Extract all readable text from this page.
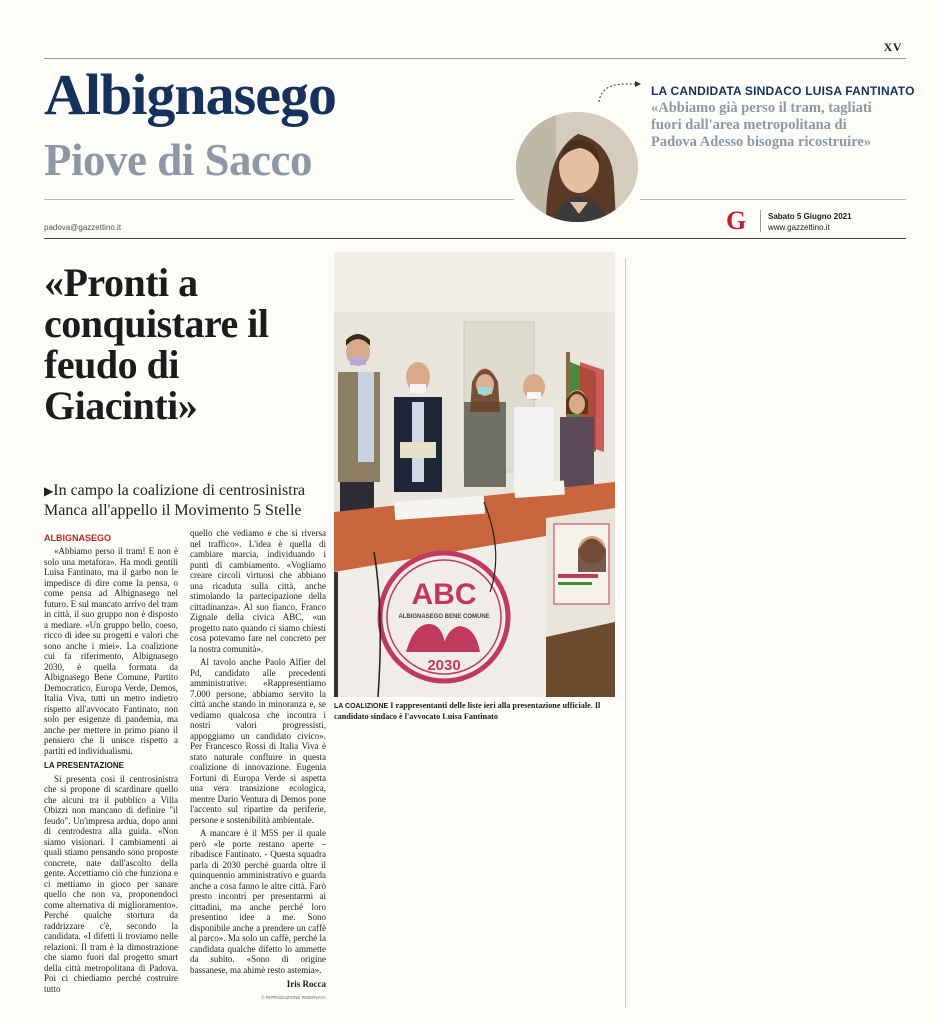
XV
Albignasego
Piove di Sacco
LA CANDIDATA SINDACO LUISA FANTINATO
«Abbiamo già perso il tram, tagliati fuori dall'area metropolitana di Padova Adesso bisogna ricostruire»
G	Sabato 5 Giugno 2021
www.gazzettino.it
padova@gazzettino.it
«Pronti a conquistare il feudo di Giacinti»
▶In campo la coalizione di centrosinistra Manca all'appello il Movimento 5 Stelle
ALBIGNASEGO

«Abbiamo perso il tram! E non è solo una metafora». Ha modi gentili Luisa Fantinato, ma il garbo non le impedisce di dire come la pensa, o come pensa ad Albignasego nel futuro. E sul mancato arrivo del tram in città, il suo gruppo non è disposto a mediare. «Un gruppo bello, coeso, ricco di idee su progetti e valori che sono anche i miei». La coalizione cui fa riferimento, Albignasego 2030, è quella formata da Albignasego Bene Comune, Partito Democratico, Europa Verde, Demos, Italia Viva, tutti un metro indietro rispetto all'avvocato Fantinato, non solo per esigenze di pandemia, ma anche per mettere in primo piano il pensiero che li unisce rispetto a partiti ed individualismi.

LA PRESENTAZIONE

Si presenta così il centrosinistra che si propone di scardinare quello che alcuni tra il pubblico a Villa Obizzi non mancano di definire "il feudo". Un'impresa ardua, dopo anni di centrodestra alla guida. «Non siamo visionari. I cambiamenti ai quali stiamo pensando sono proposte concrete, nate dall'ascolto della gente. Accettiamo ciò che funziona e ci mettiamo in gioco per sanare quello che non va, proponendoci come alternativa di miglioramento». Perché qualche stortura da raddrizzare c'è, secondo la candidata. «I difetti li troviamo nelle relazioni. Il tram è la dimostrazione che siamo fuori dal progetto smart della città metropolitana di Padova. Poi ci chiediamo perché costruire tutto

quello che vediamo e che si riversa nel traffico». L'idea è quella di cambiare marcia, individuando i punti di cambiamento. «Vogliamo creare circoli virtuosi che abbiano una ricaduta sulla città, anche stimolando la partecipazione della cittadinanza». Al suo fianco, Franco Zignale della civica ABC, «un progetto nato quando ci siamo chiesti cosa potevamo fare nel concreto per la nostra comunità».

Al tavolo anche Paolo Alfier del Pd, candidato alle precedenti amministrative: «Rappresentiamo 7.000 persone, abbiamo servito la città anche stando in minoranza e, se vediamo qualcosa che incontra i nostri valori progressisti, appoggiamo un candidato civico». Per Francesco Rossi di Italia Viva è stato naturale confluire in questa coalizione di innovazione. Eugenia Fortuni di Europa Verde si aspetta una vera transizione ecologica, mentre Dario Ventura di Demos pone l'accento sul ripartire da periferie, persone e sostenibilità ambientale.

A mancare è il M5S per il quale però «le porte restano aperte – ribadisce Fantinato. - Questa squadra parla di 2030 perché guarda oltre il quinquennio amministrativo e guarda anche a cosa fanno le altre città. Farò presto incontri per presentarmi ai cittadini, ma anche perché loro presentino idee a me. Sono disponibile anche a prendere un caffè al parco». Ma solo un caffè, perché la candidata qualche difetto lo ammette da subito. «Sono di origine bassanese, ma ahimè resto astemia».

Iris Rocca
© RIPRODUZIONE RISERVATA
ABC
ALBIGNASEGO BENE COMUNE
2030
LA COALIZIONE I rappresentanti delle liste ieri alla presentazione ufficiale. Il candidato sindaco è l'avvocato Luisa Fantinato
